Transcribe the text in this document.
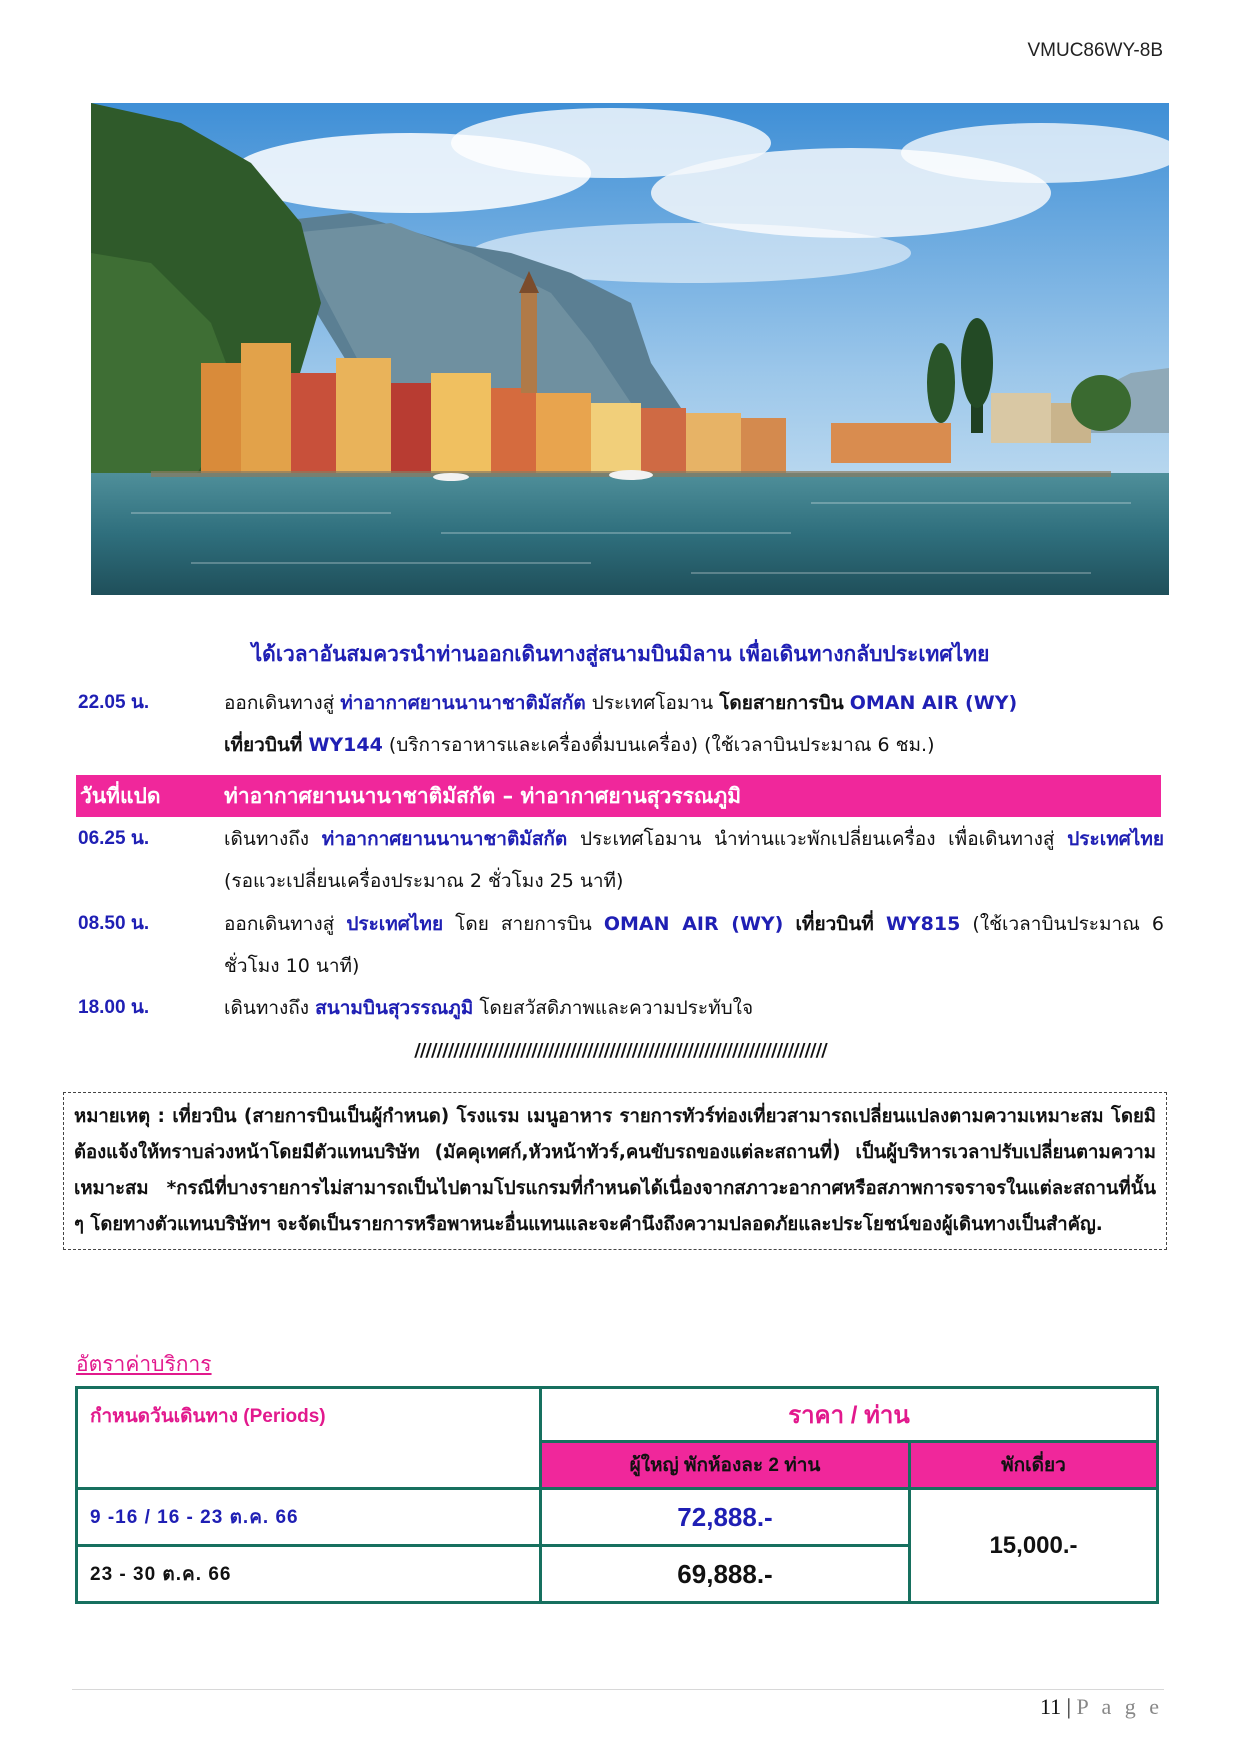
VMUC86WY-8B
ได้เวลาอันสมควรนำท่านออกเดินทางสู่สนามบินมิลาน เพื่อเดินทางกลับประเทศไทย
22.05 น.	ออกเดินทางสู่ ท่าอากาศยานนานาชาติมัสกัต ประเทศโอมาน โดยสายการบิน OMAN AIR (WY)
เที่ยวบินที่ WY144 (บริการอาหารและเครื่องดื่มบนเครื่อง) (ใช้เวลาบินประมาณ 6 ชม.)
วันที่แปด	ท่าอากาศยานนานาชาติมัสกัต – ท่าอากาศยานสุวรรณภูมิ
06.25 น.	เดินทางถึง ท่าอากาศยานนานาชาติมัสกัต ประเทศโอมาน นำท่านแวะพักเปลี่ยนเครื่อง เพื่อเดินทางสู่ ประเทศไทย (รอแวะเปลี่ยนเครื่องประมาณ 2 ชั่วโมง 25 นาที)
08.50 น.	ออกเดินทางสู่ ประเทศไทย โดย สายการบิน OMAN AIR (WY) เที่ยวบินที่ WY815 (ใช้เวลาบินประมาณ 6 ชั่วโมง 10 นาที)
18.00 น.	เดินทางถึง สนามบินสุวรรณภูมิ โดยสวัสดิภาพและความประทับใจ
//////////////////////////////////////////////////////////////////////////
หมายเหตุ : เที่ยวบิน (สายการบินเป็นผู้กำหนด) โรงแรม เมนูอาหาร รายการทัวร์ท่องเที่ยวสามารถเปลี่ยนแปลงตามความเหมาะสม โดยมิต้องแจ้งให้ทราบล่วงหน้าโดยมีตัวแทนบริษัท (มัคคุเทศก์,หัวหน้าทัวร์,คนขับรถของแต่ละสถานที่) เป็นผู้บริหารเวลาปรับเปลี่ยนตามความเหมาะสม *กรณีที่บางรายการไม่สามารถเป็นไปตามโปรแกรมที่กำหนดได้เนื่องจากสภาวะอากาศหรือสภาพการจราจรในแต่ละสถานที่นั้น ๆ โดยทางตัวแทนบริษัทฯ จะจัดเป็นรายการหรือพาหนะอื่นแทนและจะคำนึงถึงความปลอดภัยและประโยชน์ของผู้เดินทางเป็นสำคัญ.
อัตราค่าบริการ
กำหนดวันเดินทาง (Periods)	ราคา / ท่าน	
	ผู้ใหญ่ พักห้องละ 2 ท่าน	พักเดี่ยว
9 -16 / 16 - 23 ต.ค. 66	72,888.-	15,000.-
23 - 30 ต.ค. 66	69,888.-	
11 | P a g e
